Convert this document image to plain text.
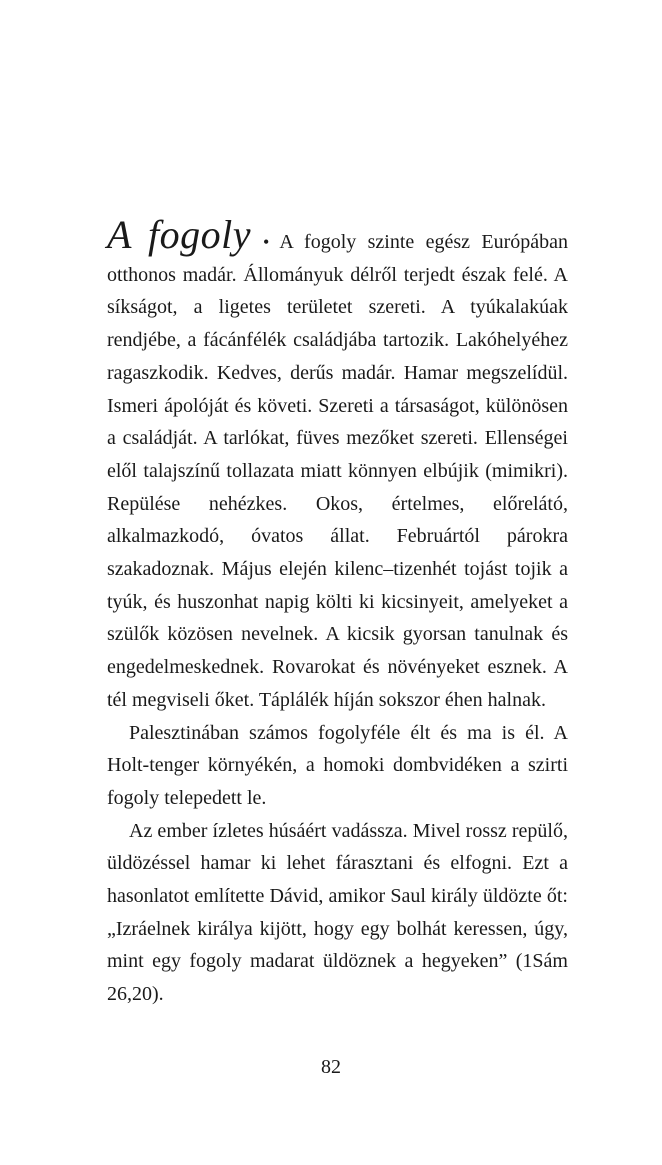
A fogoly • A fogoly szinte egész Európában otthonos madár. Állományuk délről terjedt észak felé. A síkságot, a ligetes területet szereti. A tyúkalakúak rendjébe, a fácánfélék családjába tartozik. Lakóhelyéhez ragaszkodik. Kedves, derűs madár. Hamar megszelídül. Ismeri ápolóját és követi. Szereti a társaságot, különösen a családját. A tarlókat, füves mezőket szereti. Ellenségei elől talajszínű tollazata miatt könnyen elbújik (mimikri). Repülése nehézkes. Okos, értelmes, előrelátó, alkalmazkodó, óvatos állat. Februártól párokra szakadoznak. Május elején kilenc–tizenhét tojást tojik a tyúk, és huszonhat napig költi ki kicsinyeit, amelyeket a szülők közösen nevelnek. A kicsik gyorsan tanulnak és engedelmeskednek. Rovarokat és növényeket esznek. A tél megviseli őket. Táplálék híján sokszor éhen halnak.

Palesztinában számos fogolyféle élt és ma is él. A Holt-tenger környékén, a homoki dombvidéken a szirti fogoly telepedett le.

Az ember ízletes húsáért vadássza. Mivel rossz repülő, üldözéssel hamar ki lehet fárasztani és elfogni. Ezt a hasonlatot említette Dávid, amikor Saul király üldözte őt: „Izráelnek királya kijött, hogy egy bolhát keressen, úgy, mint egy fogoly madarat üldöznek a hegyeken” (1Sám 26,20).

82
